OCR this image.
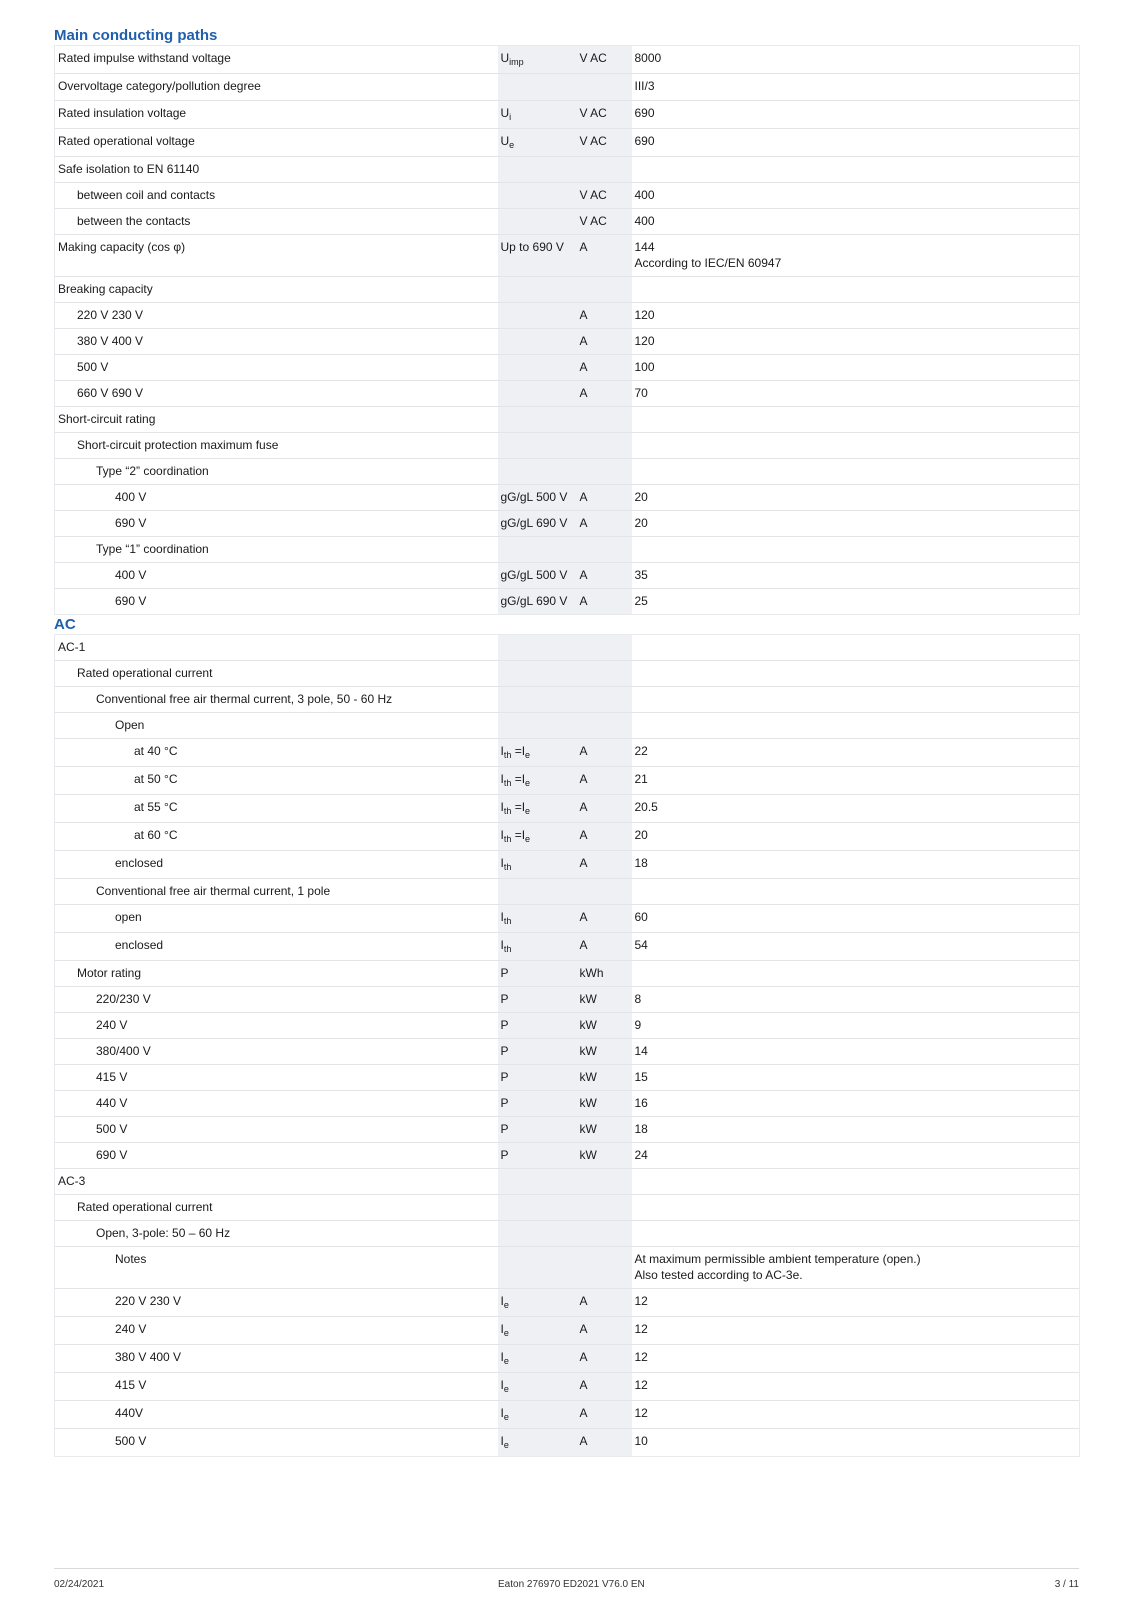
Main conducting paths
Rated impulse withstand voltage	$U_{imp}$	V AC	8000

Overvoltage category/pollution degree			III/3

Rated insulation voltage	$U_i$	V AC	690

Rated operational voltage	$U_e$	V AC	690

Safe isolation to EN 61140			

between coil and contacts		V AC	400

between the contacts		V AC	400

Making capacity (cos φ)	Up to 690 V	A	144
According to IEC/EN 60947

Breaking capacity			

220 V 230 V		A	120

380 V 400 V		A	120

500 V		A	100

660 V 690 V		A	70

Short-circuit rating			

Short-circuit protection maximum fuse			

Type “2” coordination			

400 V	gG/gL 500 V	A	20

690 V	gG/gL 690 V	A	20

Type “1” coordination			

400 V	gG/gL 500 V	A	35

690 V	gG/gL 690 V	A	25
AC
AC-1			

Rated operational current			

Conventional free air thermal current, 3 pole, 50 - 60 Hz			

Open			

at 40 °C	$I_{th} =I_e$	A	22

at 50 °C	$I_{th} =I_e$	A	21

at 55 °C	$I_{th} =I_e$	A	20.5

at 60 °C	$I_{th} =I_e$	A	20

enclosed	$I_{th}$	A	18

Conventional free air thermal current, 1 pole			

open	$I_{th}$	A	60

enclosed	$I_{th}$	A	54

Motor rating	P	kWh	

220/230 V	P	kW	8

240 V	P	kW	9

380/400 V	P	kW	14

415 V	P	kW	15

440 V	P	kW	16

500 V	P	kW	18

690 V	P	kW	24

AC-3			

Rated operational current			

Open, 3-pole: 50 – 60 Hz			

Notes			At maximum permissible ambient temperature (open.)
Also tested according to AC-3e.

220 V 230 V	$I_e$	A	12

240 V	$I_e$	A	12

380 V 400 V	$I_e$	A	12

415 V	$I_e$	A	12

440V	$I_e$	A	12

500 V	$I_e$	A	10
02/24/2021	Eaton 276970 ED2021 V76.0 EN	3 / 11
